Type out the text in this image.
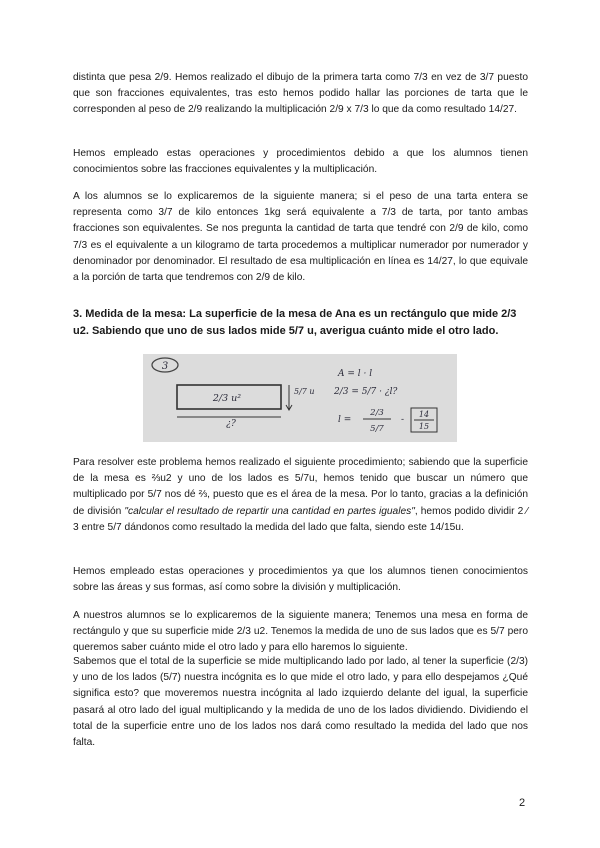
distinta que pesa 2/9. Hemos realizado el dibujo de la primera tarta como 7/3 en vez de 3/7 puesto que son fracciones equivalentes, tras esto hemos podido hallar las porciones de tarta que le corresponden al peso de 2/9 realizando la multiplicación 2/9 x 7/3 lo que da como resultado 14/27.

Hemos empleado estas operaciones y procedimientos debido a que los alumnos tienen conocimientos sobre las fracciones equivalentes y la multiplicación.

A los alumnos se lo explicaremos de la siguiente manera; si el peso de una tarta entera se representa como 3/7 de kilo entonces 1kg será equivalente a 7/3 de tarta, por tanto ambas fracciones son equivalentes. Se nos pregunta la cantidad de tarta que tendré con 2/9 de kilo, como 7/3 es el equivalente a un kilogramo de tarta procedemos a multiplicar numerador por numerador y denominador por denominador. El resultado de esa multiplicación en línea es 14/27, lo que equivale a la porción de tarta que tendremos con 2/9 de kilo.

3. Medida de la mesa: La superficie de la mesa de Ana es un rectángulo que mide 2/3 u2. Sabiendo que uno de sus lados mide 5/7 u, averigua cuánto mide el otro lado.

3
2/3 u²
¿?
5/7 u
A = l · l
2/3 = 5/7 · ¿l?
l =
2/3
5/7
-
14
15

Para resolver este problema hemos realizado el siguiente procedimiento; sabiendo que la superficie de la mesa es ⅔u2 y uno de los lados es 5/7u, hemos tenido que buscar un número que multiplicado por 5/7 nos dé ⅔, puesto que es el área de la mesa. Por lo tanto, gracias a la definición de división "calcular el resultado de repartir una cantidad en partes iguales", hemos podido dividir 2 ⁄ 3 entre 5/7 dándonos como resultado la medida del lado que falta, siendo este 14/15u.

Hemos empleado estas operaciones y procedimientos ya que los alumnos tienen conocimientos sobre las áreas y sus formas, así como sobre la división y multiplicación.

A nuestros alumnos se lo explicaremos de la siguiente manera; Tenemos una mesa en forma de rectángulo y que su superficie mide 2/3 u2. Tenemos la medida de uno de sus lados que es 5/7 pero queremos saber cuánto mide el otro lado y para ello haremos lo siguiente.

Sabemos que el total de la superficie se mide multiplicando lado por lado, al tener la superficie (2/3) y uno de los lados (5/7) nuestra incógnita es lo que mide el otro lado, y para ello despejamos ¿Qué significa esto? que moveremos nuestra incógnita al lado izquierdo delante del igual, la superficie pasará al otro lado del igual multiplicando y la medida de uno de los lados dividiendo. Dividiendo el total de la superficie entre uno de los lados nos dará como resultado la medida del lado que nos falta.

2
